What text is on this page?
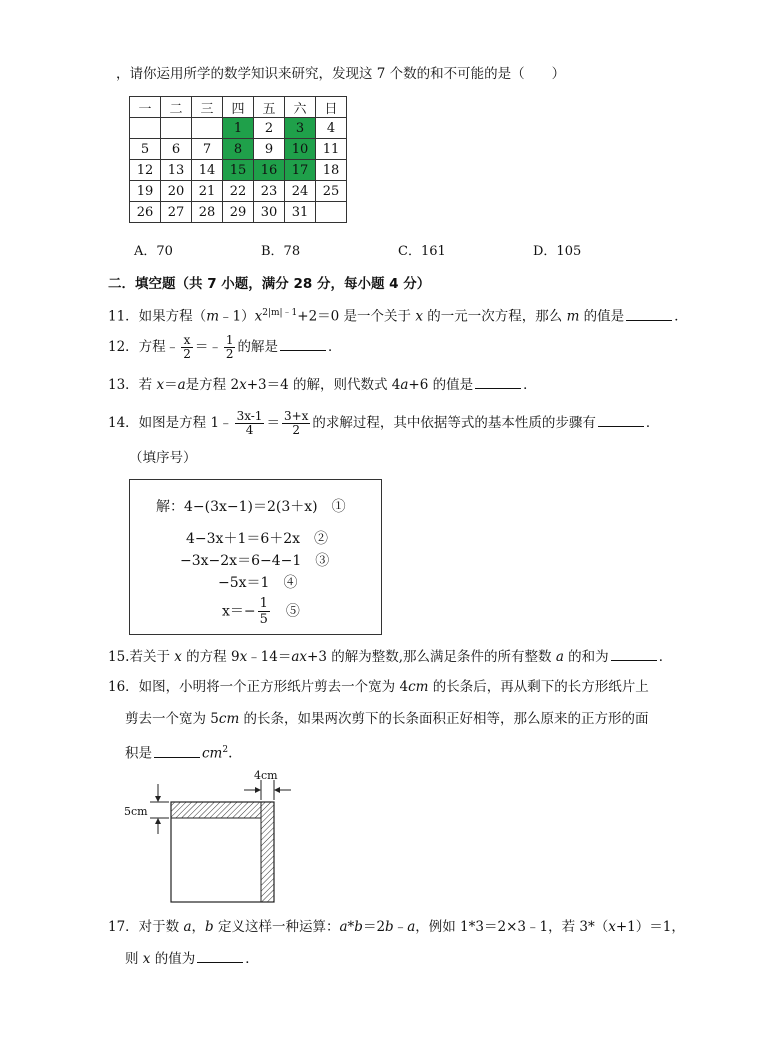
，请你运用所学的数学知识来研究，发现这 7 个数的和不可能的是（　　）
一	二	三	四	五	六	日
			1	2	3	4
5	6	7	8	9	10	11
12	13	14	15	16	17	18
19	20	21	22	23	24	25
26	27	28	29	30	31	
A．70	B．78	C．161	D．105
二．填空题（共 7 小题，满分 28 分，每小题 4 分）
11．如果方程$(m﹣1)x^{2|m|﹣1}+2=0$ 是一个关于 x 的一元一次方程，那么 m 的值是	．
12．方程﹣ $\frac{x}{2}$ ＝﹣ $\frac{1}{2}$ 的解是	．
13．若 x＝a是方程 2x+3＝4 的解，则代数式 4a+6 的值是	．
14．如图是方程 1﹣ $\frac{3x-1}{4} = \frac{3+x}{2}$ 的求解过程，其中依据等式的基本性质的步骤有	．
（填序号）
解：4−(3x−1)＝2(3＋x)　①
4−3x＋1＝6＋2x　②
−3x−2x＝6−4−1　③
−5x＝1　④
$x=- \frac{1}{5}$
　 ⑤
15.若关于 x 的方程 9x﹣14＝ax+3 的解为整数,那么满足条件的所有整数 a 的和为	．
16．如图，小明将一个正方形纸片剪去一个宽为 4cm 的长条后，再从剩下的长方形纸片上
剪去一个宽为 5cm 的长条，如果两次剪下的长条面积正好相等，那么原来的正方形的面
积是	$cm^2$.
4cm
5cm
17．对于数 a，b 定义这样一种运算：a*b＝2b﹣a，例如 1*3＝2×3﹣1，若 3*（x+1）＝1，
则 x 的值为	．
